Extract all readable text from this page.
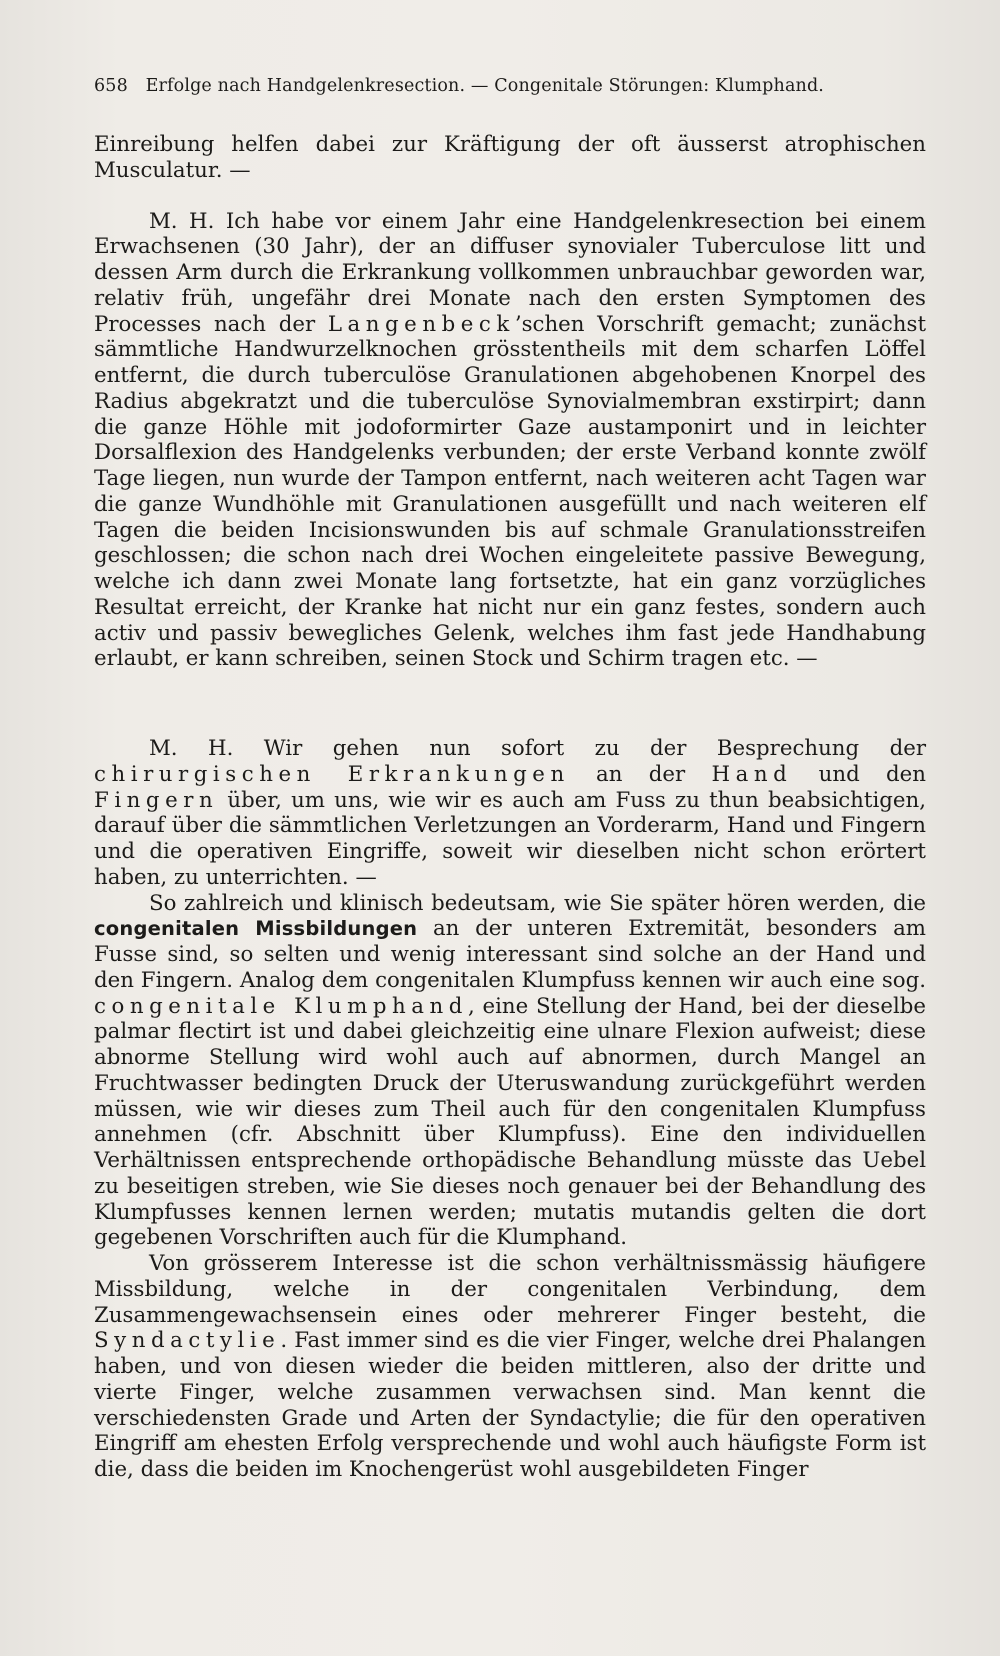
658 Erfolge nach Handgelenkresection. — Congenitale Störungen: Klumphand.

Einreibung helfen dabei zur Kräftigung der oft äusserst atrophischen Musculatur. —

M. H. Ich habe vor einem Jahr eine Handgelenkresection bei einem Erwachsenen (30 Jahr), der an diffuser synovialer Tuberculose litt und dessen Arm durch die Erkrankung vollkommen unbrauchbar geworden war, relativ früh, ungefähr drei Monate nach den ersten Symptomen des Processes nach der Langenbeck’schen Vorschrift gemacht; zunächst sämmtliche Handwurzelknochen grösstentheils mit dem scharfen Löffel entfernt, die durch tuberculöse Granulationen abgehobenen Knorpel des Radius abgekratzt und die tuberculöse Synovialmembran exstirpirt; dann die ganze Höhle mit jodoformirter Gaze austamponirt und in leichter Dorsalflexion des Handgelenks verbunden; der erste Verband konnte zwölf Tage liegen, nun wurde der Tampon entfernt, nach weiteren acht Tagen war die ganze Wundhöhle mit Granulationen ausgefüllt und nach weiteren elf Tagen die beiden Incisionswunden bis auf schmale Granulationsstreifen geschlossen; die schon nach drei Wochen eingeleitete passive Bewegung, welche ich dann zwei Monate lang fortsetzte, hat ein ganz vorzügliches Resultat erreicht, der Kranke hat nicht nur ein ganz festes, sondern auch activ und passiv bewegliches Gelenk, welches ihm fast jede Handhabung erlaubt, er kann schreiben, seinen Stock und Schirm tragen etc. —

M. H. Wir gehen nun sofort zu der Besprechung der chirurgischen Erkrankungen an der Hand und den Fingern über, um uns, wie wir es auch am Fuss zu thun beabsichtigen, darauf über die sämmtlichen Verletzungen an Vorderarm, Hand und Fingern und die operativen Eingriffe, soweit wir dieselben nicht schon erörtert haben, zu unterrichten. —

So zahlreich und klinisch bedeutsam, wie Sie später hören werden, die congenitalen Missbildungen an der unteren Extremität, besonders am Fusse sind, so selten und wenig interessant sind solche an der Hand und den Fingern. Analog dem congenitalen Klumpfuss kennen wir auch eine sog. congenitale Klumphand, eine Stellung der Hand, bei der dieselbe palmar flectirt ist und dabei gleichzeitig eine ulnare Flexion aufweist; diese abnorme Stellung wird wohl auch auf abnormen, durch Mangel an Fruchtwasser bedingten Druck der Uteruswandung zurückgeführt werden müssen, wie wir dieses zum Theil auch für den congenitalen Klumpfuss annehmen (cfr. Abschnitt über Klumpfuss). Eine den individuellen Verhältnissen entsprechende orthopädische Behandlung müsste das Uebel zu beseitigen streben, wie Sie dieses noch genauer bei der Behandlung des Klumpfusses kennen lernen werden; mutatis mutandis gelten die dort gegebenen Vorschriften auch für die Klumphand.

Von grösserem Interesse ist die schon verhältnissmässig häufigere Missbildung, welche in der congenitalen Verbindung, dem Zusammengewachsensein eines oder mehrerer Finger besteht, die Syndactylie. Fast immer sind es die vier Finger, welche drei Phalangen haben, und von diesen wieder die beiden mittleren, also der dritte und vierte Finger, welche zusammen verwachsen sind. Man kennt die verschiedensten Grade und Arten der Syndactylie; die für den operativen Eingriff am ehesten Erfolg versprechende und wohl auch häufigste Form ist die, dass die beiden im Knochengerüst wohl ausgebildeten Finger
